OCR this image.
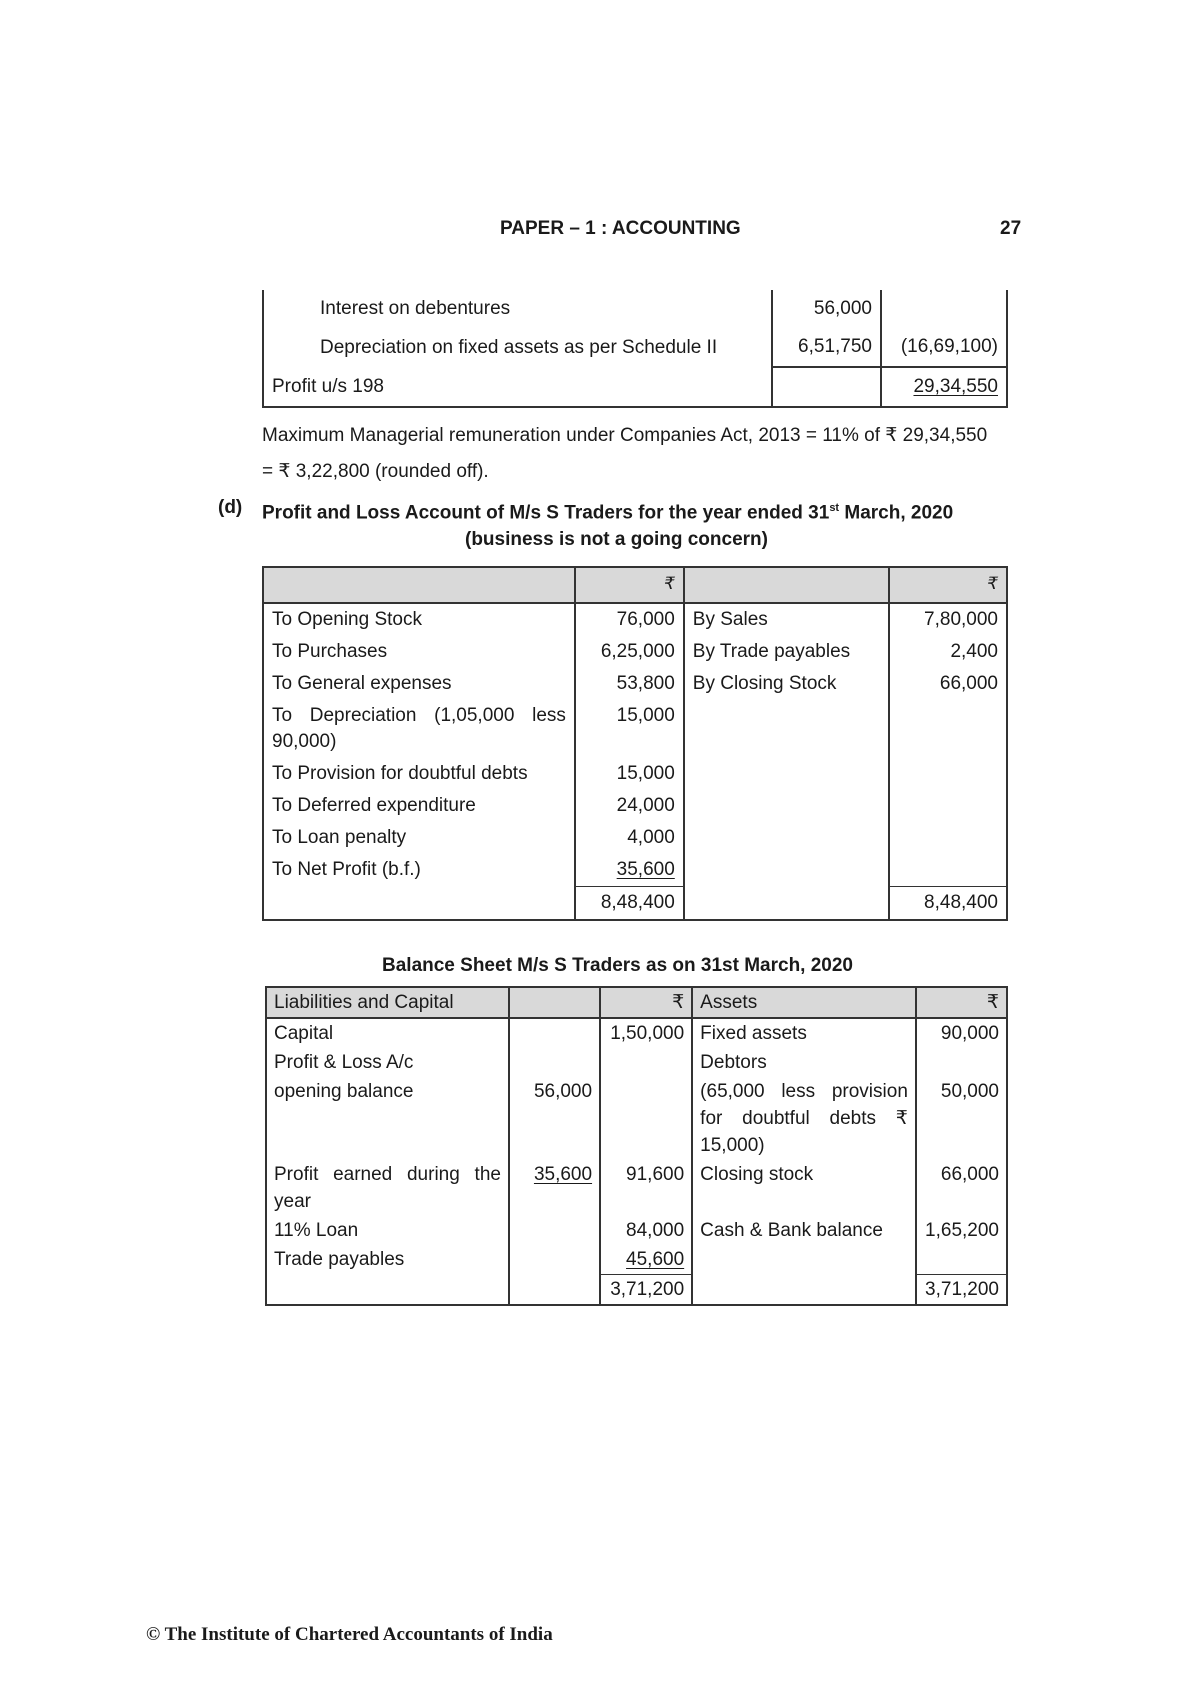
PAPER – 1 : ACCOUNTING	27
Interest on debentures	56,000	
Depreciation on fixed assets as per Schedule II	6,51,750	(16,69,100)
Profit u/s 198		29,34,550
Maximum Managerial remuneration under Companies Act, 2013 = 11% of ₹ 29,34,550
= ₹ 3,22,800 (rounded off).
(d) Profit and Loss Account of M/s S Traders for the year ended 31st March, 2020
(business is not a going concern)
	₹		₹
To Opening Stock	76,000	By Sales	7,80,000
To Purchases	6,25,000	By Trade payables	2,400
To General expenses	53,800	By Closing Stock	66,000
To Depreciation (1,05,000 less 90,000)	15,000		
To Provision for doubtful debts	15,000		
To Deferred expenditure	24,000		
To Loan penalty	4,000		
To Net Profit (b.f.)	35,600		
	8,48,400		8,48,400
Balance Sheet M/s S Traders as on 31st March, 2020
Liabilities and Capital		₹	Assets	₹
Capital		1,50,000	Fixed assets	90,000
Profit & Loss A/c			Debtors	
opening balance	56,000		(65,000 less provision for doubtful debts ₹ 15,000)	50,000
Profit earned during the year	35,600	91,600	Closing stock	66,000
11% Loan		84,000	Cash & Bank balance	1,65,200
Trade payables		45,600		
		3,71,200		3,71,200
© The Institute of Chartered Accountants of India
